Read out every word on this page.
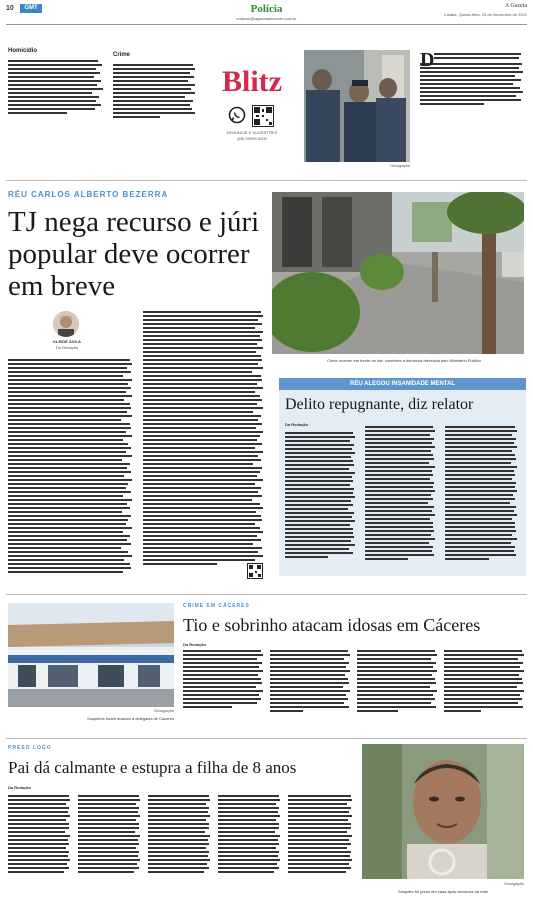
10	GMT	Polícia
redacao@agazetadocenhr.com.br
A Gazeta
Cuiabá, Quinta-feira, 25 de Novembro de 2021
Homicídio
Crime
Blitz
DENUNCIE E SUGESTÕES
(65) 99999-0000
Divulgação
D
RÉU CARLOS ALBERTO BEZERRA
TJ nega recurso e júri popular deve ocorrer em breve
KLEIDE ÁVILA
Da Redação
Crime ocorreu em frente ao bar, conforme a denúncia oferecida pelo Ministério Público
RÉU ALEGOU INSANIDADE MENTAL
Delito repugnante, diz relator
Da Redação
Divulgação
Suspeitos foram levados à delegacia de Cáceres
CRIME EM CÁCERES
Tio e sobrinho atacam idosas em Cáceres
Da Redação
PRESO LOGO
Pai dá calmante e estupra a filha de 8 anos
Da Redação
Divulgação
Suspeito foi preso em casa após denúncia da mãe
